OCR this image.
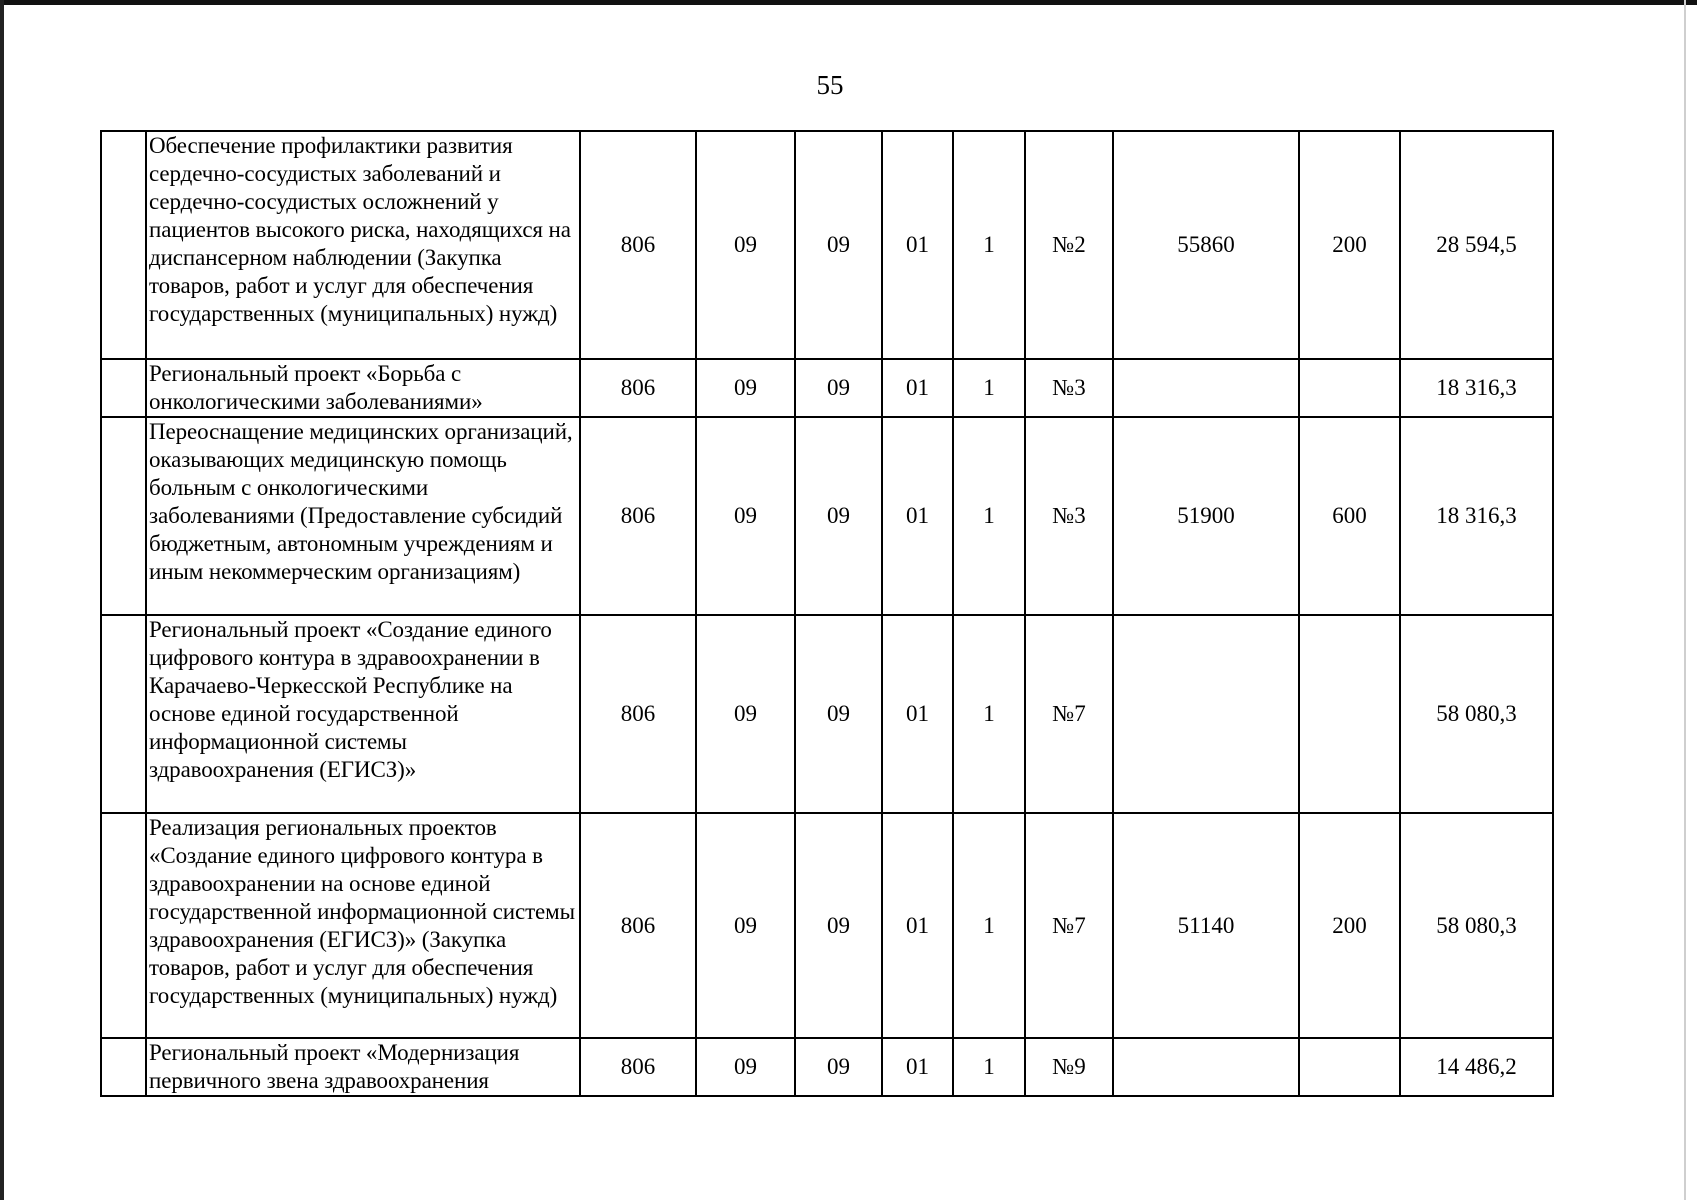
55
	Обеспечение профилактики развития сердечно-сосудистых заболеваний и сердечно-сосудистых осложнений у пациентов высокого риска, находящихся на диспансерном наблюдении (Закупка товаров, работ и услуг для обеспечения государственных (муниципальных) нужд)	806	09	09	01	1	№2	55860	200	28 594,5
	Региональный проект «Борьба с онкологическими заболеваниями»	806	09	09	01	1	№3			18 316,3
	Переоснащение медицинских организаций, оказывающих медицинскую помощь больным с онкологическими заболеваниями (Предоставление субсидий бюджетным, автономным учреждениям и иным некоммерческим организациям)	806	09	09	01	1	№3	51900	600	18 316,3
	Региональный проект «Создание единого цифрового контура в здравоохранении в Карачаево-Черкесской Республике на основе единой государственной информационной системы здравоохранения (ЕГИСЗ)»	806	09	09	01	1	№7			58 080,3
	Реализация региональных проектов «Создание единого цифрового контура в здравоохранении на основе единой государственной информационной системы здравоохранения (ЕГИСЗ)» (Закупка товаров, работ и услуг для обеспечения государственных (муниципальных) нужд)	806	09	09	01	1	№7	51140	200	58 080,3
	Региональный проект «Модернизация первичного звена здравоохранения	806	09	09	01	1	№9			14 486,2
